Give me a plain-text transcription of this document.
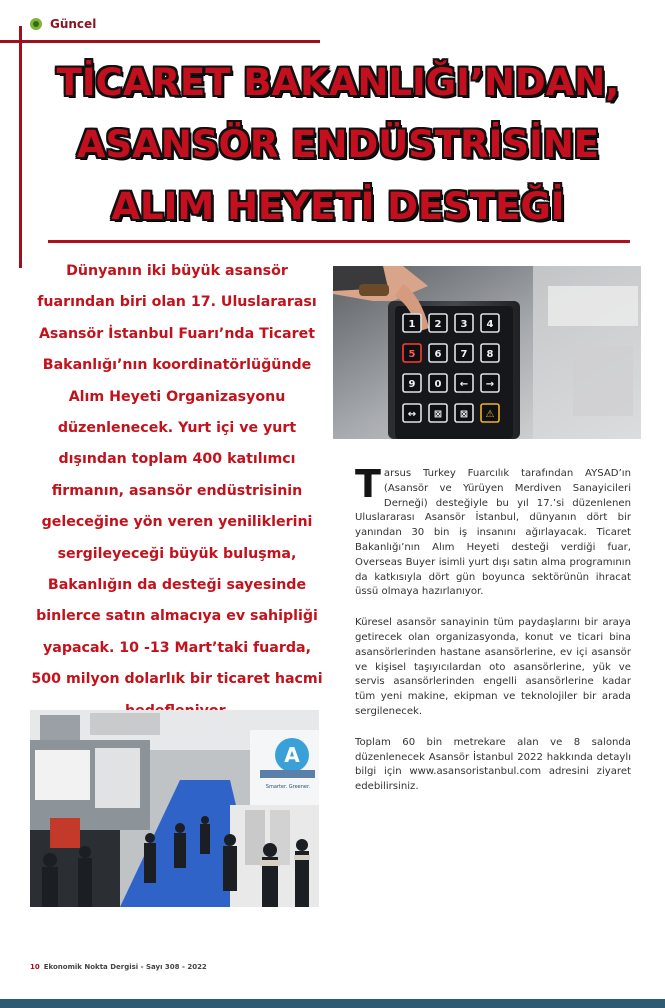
Güncel
TİCARET BAKANLIĞI’NDAN,
ASANSÖR ENDÜSTRİSİNE
ALIM HEYETİ DESTEĞİ
Dünyanın iki büyük asansör fuarından biri olan 17. Uluslararası Asansör İstanbul Fuarı’nda Ticaret Bakanlığı’nın koordinatörlüğünde Alım Heyeti Organizasyonu düzenlenecek. Yurt içi ve yurt dışından toplam 400 katılımcı firmanın, asansör endüstrisinin geleceğine yön veren yeniliklerini sergileyeceği büyük buluşma, Bakanlığın da desteği sayesinde binlerce satın almacıya ev sahipliği yapacak. 10 -13 Mart’taki fuarda, 500 milyon dolarlık bir ticaret hacmi
1 2 3 4
5 6 7 8
9 0 ← →
↔ ⊠ ⊠ ⚠
A
Smarter. Greener.

Tarsus Turkey Fuarcılık tarafından AYSAD’ın (Asansör ve Yürüyen Merdiven Sanayicileri Derneği) desteğiyle bu yıl 17.’si düzenlenen Uluslararası Asansör İstanbul, dünyanın dört bir yanından 30 bin iş insanını ağırlayacak. Ticaret Bakanlığı’nın Alım Heyeti desteği verdiği fuar, Overseas Buyer isimli yurt dışı satın alma programının da katkısıyla dört gün boyunca sektörünün ihracat üssü olmaya hazırlanıyor.

Küresel asansör sanayinin tüm paydaşlarını bir araya getirecek olan organizasyonda, konut ve ticari bina asansörlerinden hastane asansörlerine, ev içi asansör ve kişisel taşıyıcılardan oto asansörlerine, yük ve servis asansörlerinden engelli asansörlerine kadar tüm yeni makine, ekipman ve teknolojiler bir arada sergilenecek.

Toplam 60 bin metrekare alan ve 8 salonda düzenlenecek Asansör İstanbul 2022 hakkında detaylı bilgi için www.asansoristanbul.com adresini ziyaret edebilirsiniz.

10 Ekonomik Nokta Dergisi - Sayı 308 - 2022
